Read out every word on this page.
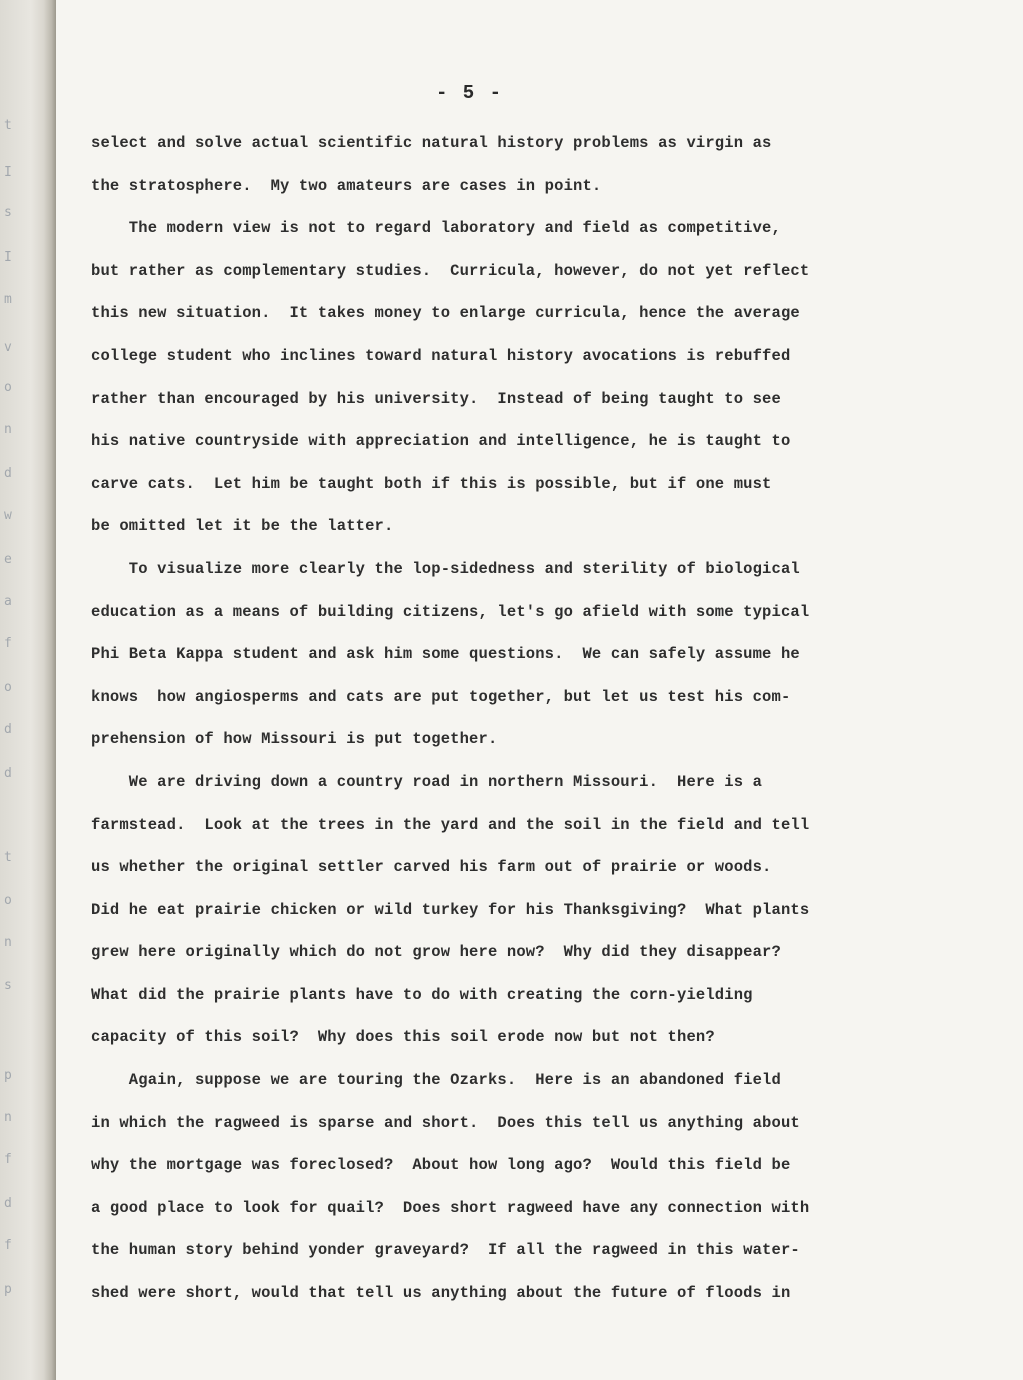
t
I
s
I
m
v
o
n
d
w
e
a
f
o
d
d
t
o
n
s
p
n
f
d
f
p
- 5 -
select and solve actual scientific natural history problems as virgin as
the stratosphere.  My two amateurs are cases in point.
The modern view is not to regard laboratory and field as competitive,
but rather as complementary studies.  Curricula, however, do not yet reflect
this new situation.  It takes money to enlarge curricula, hence the average
college student who inclines toward natural history avocations is rebuffed
rather than encouraged by his university.  Instead of being taught to see
his native countryside with appreciation and intelligence, he is taught to
carve cats.  Let him be taught both if this is possible, but if one must
be omitted let it be the latter.
To visualize more clearly the lop-sidedness and sterility of biological
education as a means of building citizens, let's go afield with some typical
Phi Beta Kappa student and ask him some questions.  We can safely assume he
knows  how angiosperms and cats are put together, but let us test his com-
prehension of how Missouri is put together.
We are driving down a country road in northern Missouri.  Here is a
farmstead.  Look at the trees in the yard and the soil in the field and tell
us whether the original settler carved his farm out of prairie or woods.
Did he eat prairie chicken or wild turkey for his Thanksgiving?  What plants
grew here originally which do not grow here now?  Why did they disappear?
What did the prairie plants have to do with creating the corn-yielding
capacity of this soil?  Why does this soil erode now but not then?
Again, suppose we are touring the Ozarks.  Here is an abandoned field
in which the ragweed is sparse and short.  Does this tell us anything about
why the mortgage was foreclosed?  About how long ago?  Would this field be
a good place to look for quail?  Does short ragweed have any connection with
the human story behind yonder graveyard?  If all the ragweed in this water-
shed were short, would that tell us anything about the future of floods in
